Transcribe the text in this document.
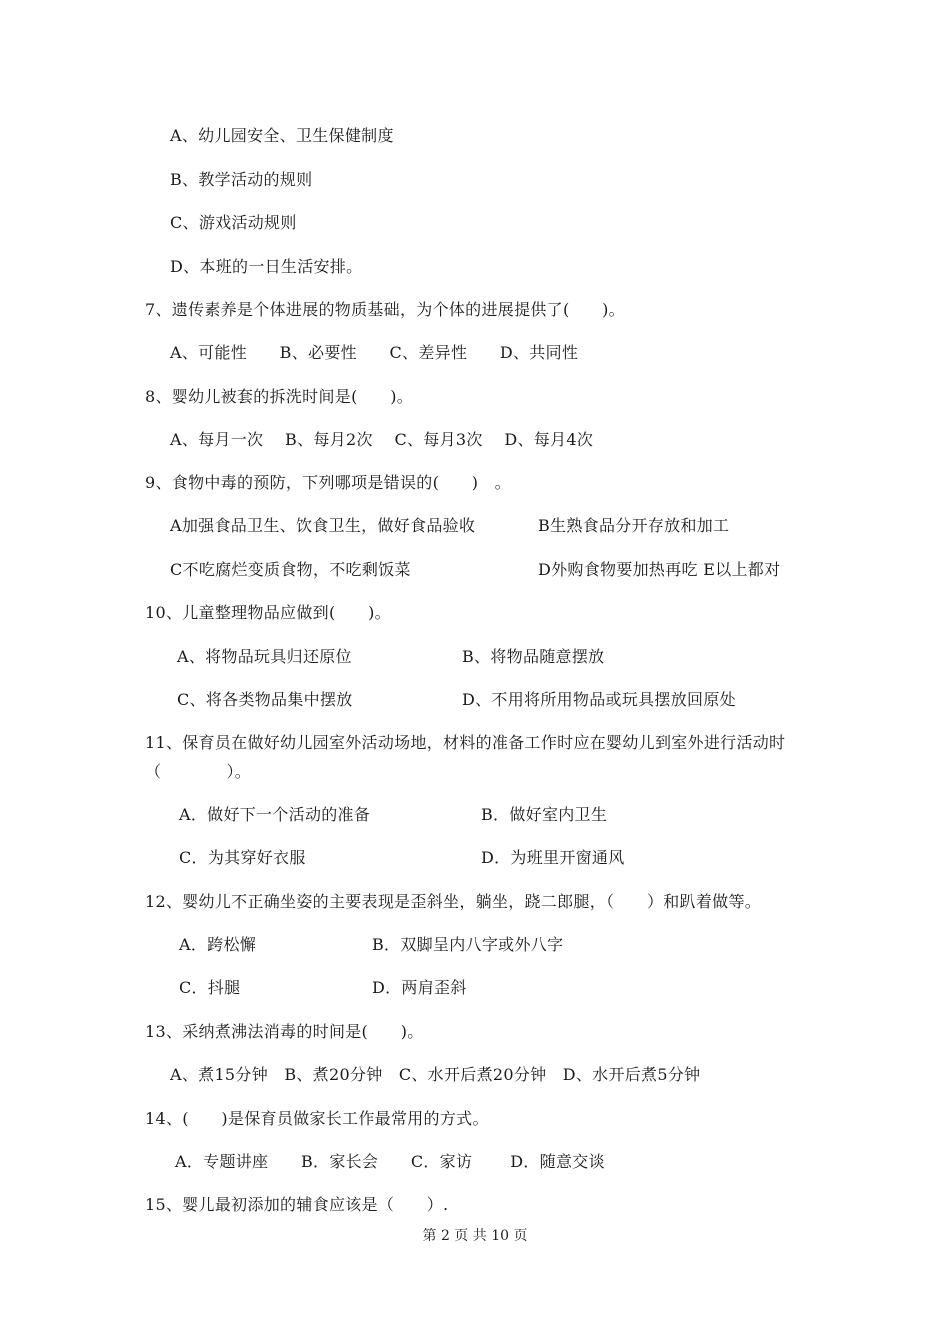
A、幼儿园安全、卫生保健制度
B、教学活动的规则
C、游戏活动规则
D、本班的一日生活安排。
7、遗传素养是个体进展的物质基础，为个体的进展提供了(　　)。
A、可能性　　B、必要性　　C、差异性　　D、共同性
8、婴幼儿被套的拆洗时间是(　　)。
A、每月一次　 B、每月2次　 C、每月3次　 D、每月4次
9、食物中毒的预防，下列哪项是错误的(　　)　。
A加强食品卫生、饮食卫生，做好食品验收	B生熟食品分开存放和加工
C不吃腐烂变质食物，不吃剩饭菜	D外购食物要加热再吃 E以上都对
10、儿童整理物品应做到(　　)。
A、将物品玩具归还原位	B、将物品随意摆放
C、将各类物品集中摆放	D、不用将所用物品或玩具摆放回原处
11、保育员在做好幼儿园室外活动场地，材料的准备工作时应在婴幼儿到室外进行活动时
（　　　　）。
A．做好下一个活动的准备	B．做好室内卫生
C．为其穿好衣服	D．为班里开窗通风
12、婴幼儿不正确坐姿的主要表现是歪斜坐，躺坐，跷二郎腿，（　　）和趴着做等。
A．跨松懈	B．双脚呈内八字或外八字
C．抖腿	D．两肩歪斜
13、采纳煮沸法消毒的时间是(　　)。
A、煮15分钟　B、煮20分钟　C、水开后煮20分钟　D、水开后煮5分钟
14、(　　)是保育员做家长工作最常用的方式。
A．专题讲座　　B．家长会　　C．家访　　 D．随意交谈
15、婴儿最初添加的辅食应该是（　　）.
第 2 页 共 10 页
